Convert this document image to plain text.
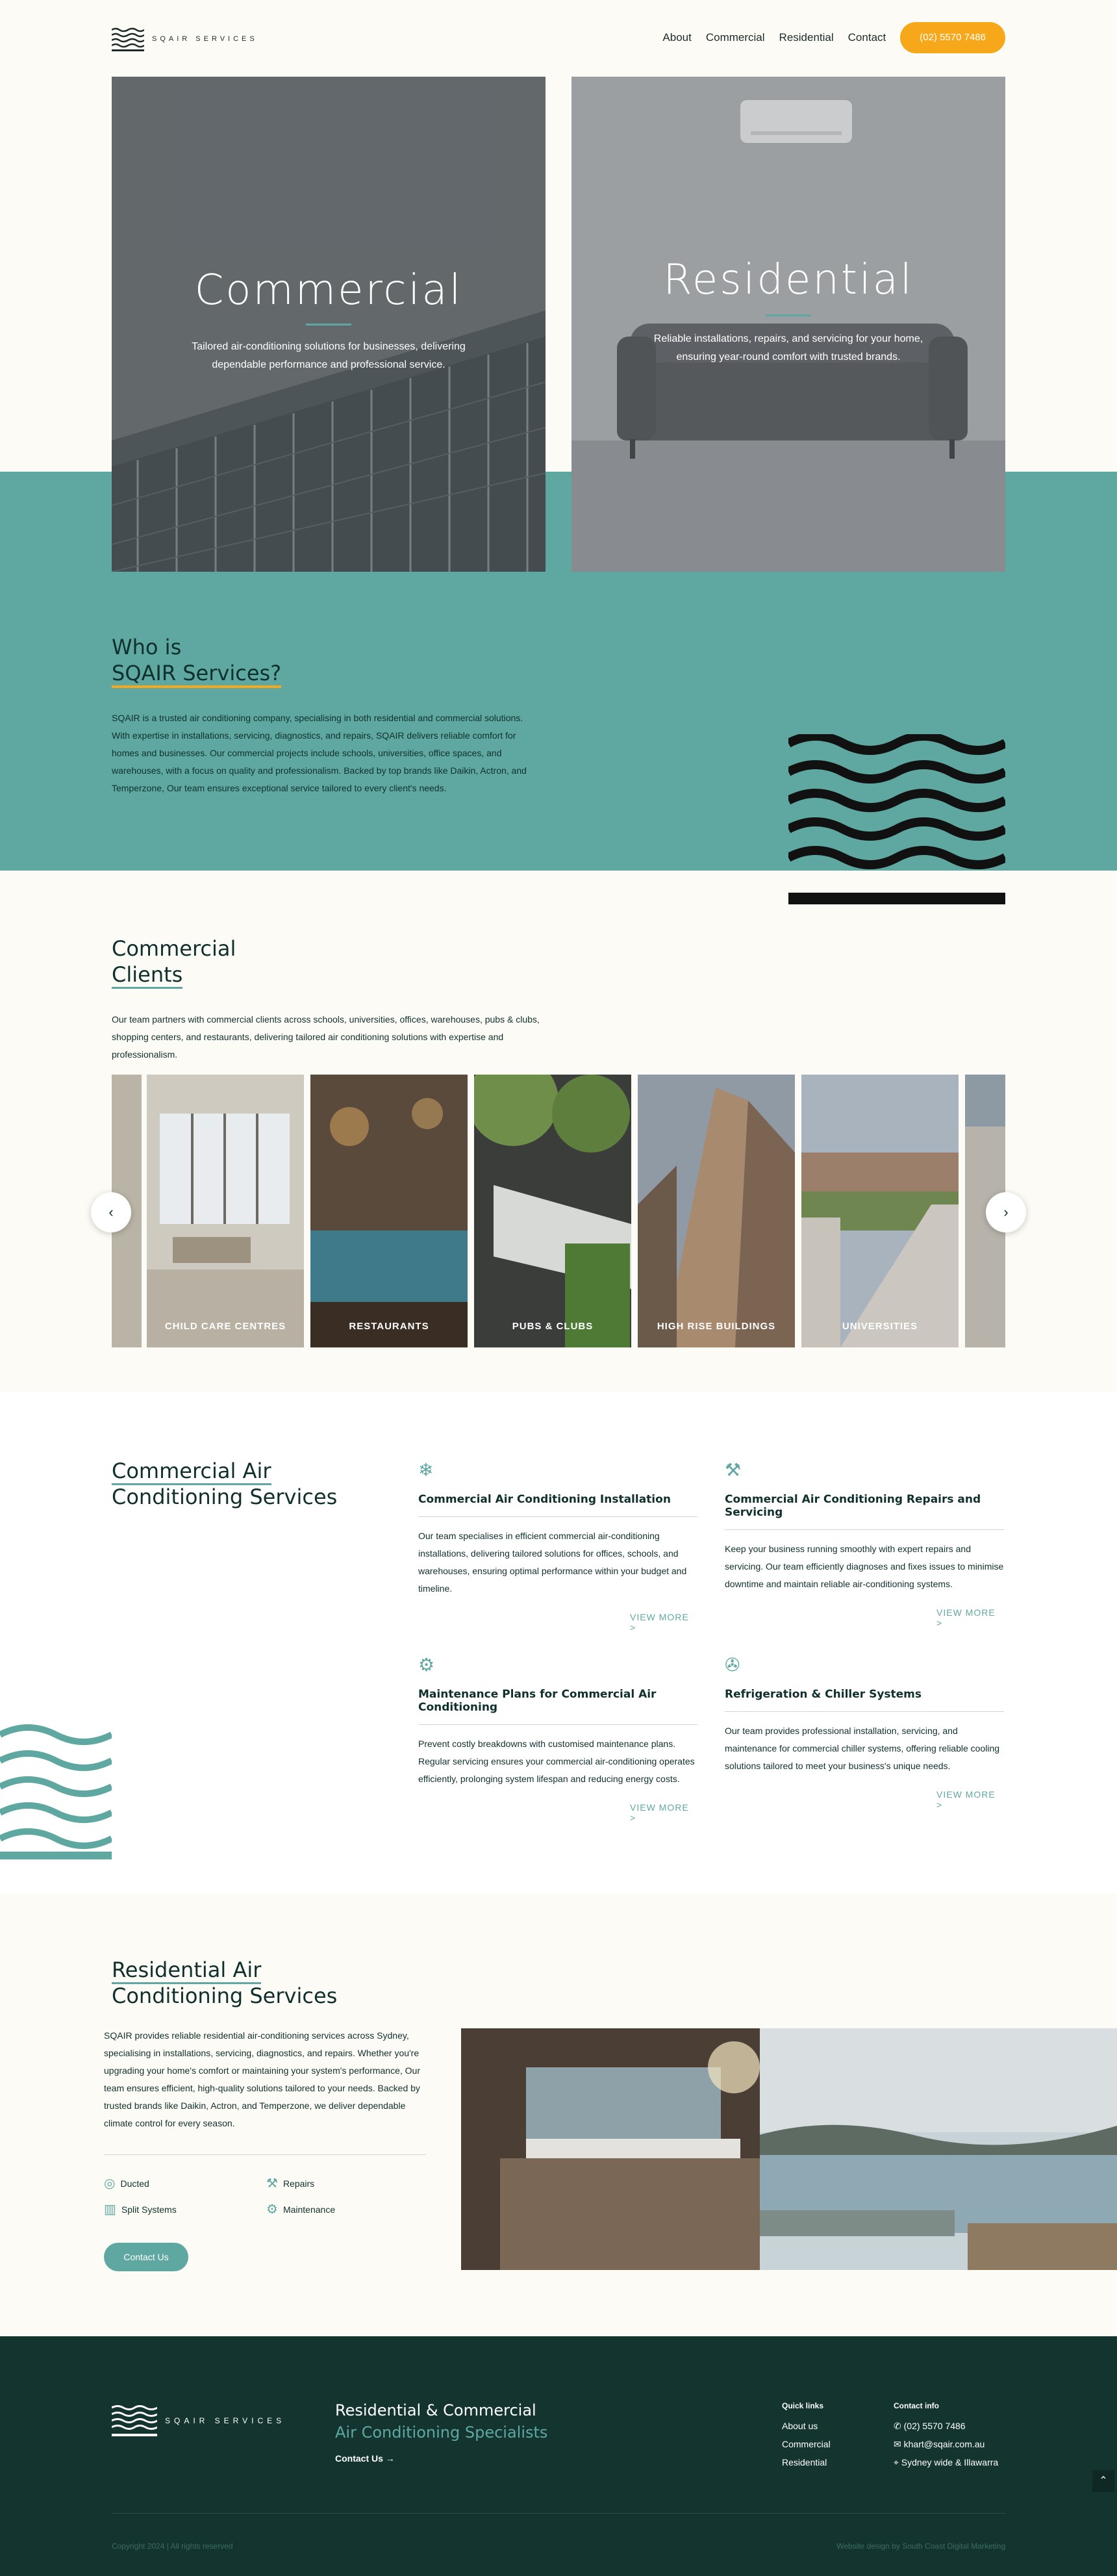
SQAIR SERVICES	About Commercial Residential Contact	(02) 5570 7486
Commercial
Tailored air-conditioning solutions for businesses, delivering dependable performance and professional service.
Residential
Reliable installations, repairs, and servicing for your home, ensuring year-round comfort with trusted brands.
Who is
SQAIR Services?
SQAIR is a trusted air conditioning company, specialising in both residential and commercial solutions. With expertise in installations, servicing, diagnostics, and repairs, SQAIR delivers reliable comfort for homes and businesses. Our commercial projects include schools, universities, office spaces, and warehouses, with a focus on quality and professionalism. Backed by top brands like Daikin, Actron, and Temperzone, Our team ensures exceptional service tailored to every client's needs.
Commercial
Clients
Our team partners with commercial clients across schools, universities, offices, warehouses, pubs & clubs, shopping centers, and restaurants, delivering tailored air conditioning solutions with expertise and professionalism.
CHILD CARE CENTRES	RESTAURANTS	PUBS & CLUBS	HIGH RISE BUILDINGS	UNIVERSITIES
‹	›
Commercial Air
Conditioning Services
❄
Commercial Air Conditioning Installation
Our team specialises in efficient commercial air-conditioning installations, delivering tailored solutions for offices, schools, and warehouses, ensuring optimal performance within your budget and timeline.
VIEW MORE >
⚒
Commercial Air Conditioning Repairs and Servicing
Keep your business running smoothly with expert repairs and servicing. Our team efficiently diagnoses and fixes issues to minimise downtime and maintain reliable air-conditioning systems.
VIEW MORE >
⚙
Maintenance Plans for Commercial Air Conditioning
Prevent costly breakdowns with customised maintenance plans. Regular servicing ensures your commercial air-conditioning operates efficiently, prolonging system lifespan and reducing energy costs.
VIEW MORE >
✇
Refrigeration & Chiller Systems
Our team provides professional installation, servicing, and maintenance for commercial chiller systems, offering reliable cooling solutions tailored to meet your business's unique needs.
VIEW MORE >
Residential Air
Conditioning Services
SQAIR provides reliable residential air-conditioning services across Sydney, specialising in installations, servicing, diagnostics, and repairs. Whether you're upgrading your home's comfort or maintaining your system's performance, Our team ensures efficient, high-quality solutions tailored to your needs. Backed by trusted brands like Daikin, Actron, and Temperzone, we deliver dependable climate control for every season.
◎ Ducted
▥ Split Systems
⚒ Repairs
⚙ Maintenance
Contact Us
SQAIR SERVICES
Residential & Commercial
Air Conditioning Specialists
Contact Us →
Quick links
About us
Commercial
Residential
Contact info
✆ (02) 5570 7486
✉ khart@sqair.com.au
⌖ Sydney wide & Illawarra
Copyright 2024 | All rights reserved	Website design by South Coast Digital Marketing
⌃
